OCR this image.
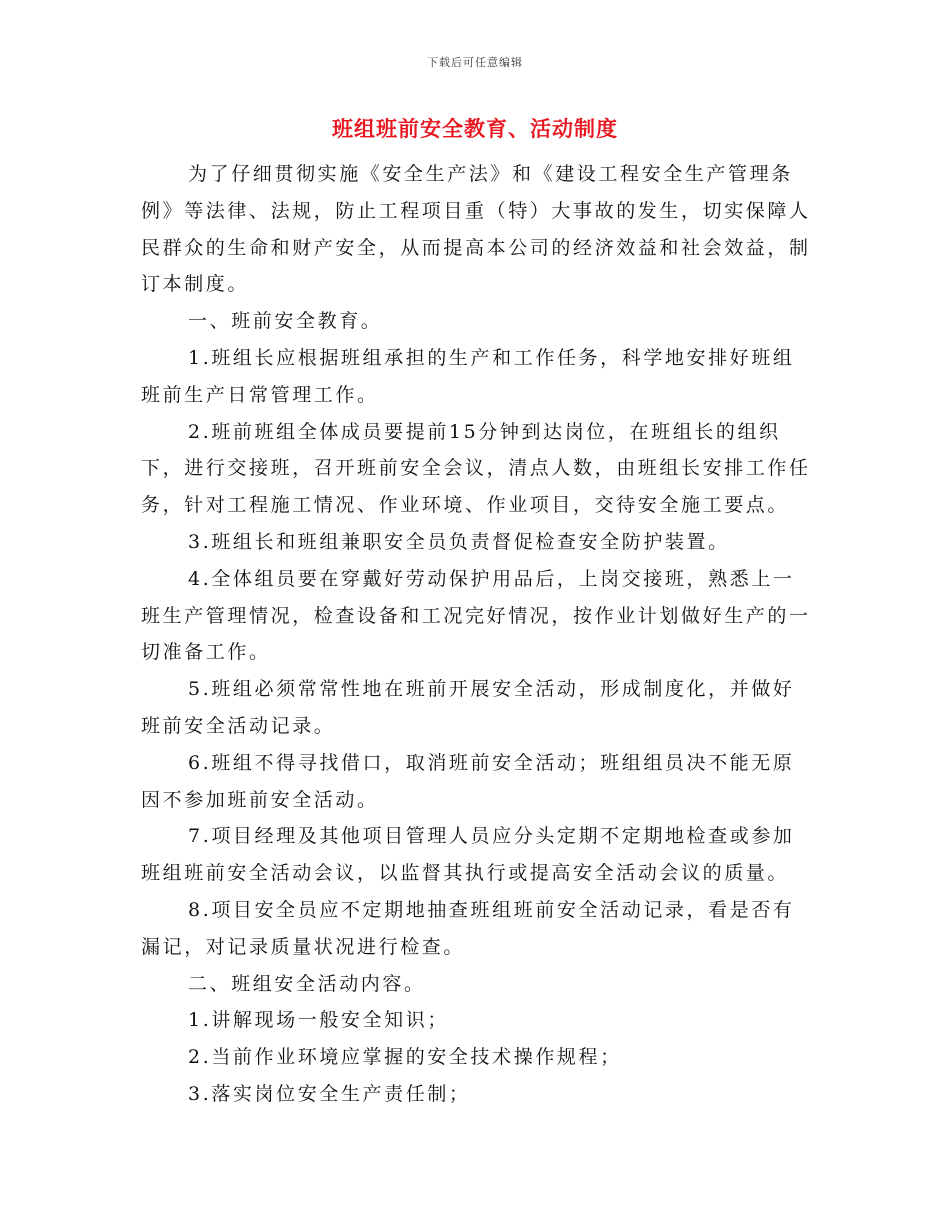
下载后可任意编辑
班组班前安全教育、活动制度

为了仔细贯彻实施《安全生产法》和《建设工程安全生产管理条例》等法律、法规，防止工程项目重（特）大事故的发生，切实保障人民群众的生命和财产安全，从而提高本公司的经济效益和社会效益，制订本制度。

一、班前安全教育。

1.班组长应根据班组承担的生产和工作任务，科学地安排好班组班前生产日常管理工作。

2.班前班组全体成员要提前15分钟到达岗位，在班组长的组织下，进行交接班，召开班前安全会议，清点人数，由班组长安排工作任务，针对工程施工情况、作业环境、作业项目，交待安全施工要点。

3.班组长和班组兼职安全员负责督促检查安全防护装置。

4.全体组员要在穿戴好劳动保护用品后，上岗交接班，熟悉上一班生产管理情况，检查设备和工况完好情况，按作业计划做好生产的一切准备工作。

5.班组必须常常性地在班前开展安全活动，形成制度化，并做好班前安全活动记录。

6.班组不得寻找借口，取消班前安全活动；班组组员决不能无原因不参加班前安全活动。

7.项目经理及其他项目管理人员应分头定期不定期地检查或参加班组班前安全活动会议，以监督其执行或提高安全活动会议的质量。

8.项目安全员应不定期地抽查班组班前安全活动记录，看是否有漏记，对记录质量状况进行检查。

二、班组安全活动内容。

1.讲解现场一般安全知识；

2.当前作业环境应掌握的安全技术操作规程；

3.落实岗位安全生产责任制；
